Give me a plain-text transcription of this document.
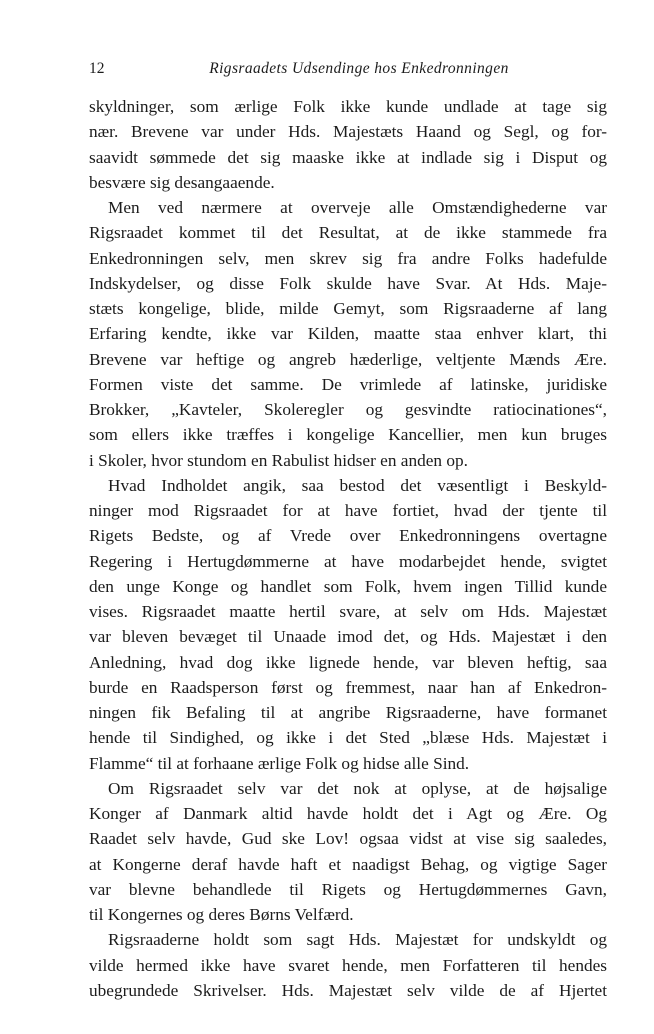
12	Rigsraadets Udsendinge hos Enkedronningen
skyldninger, som ærlige Folk ikke kunde undlade at tage sig
nær. Brevene var under Hds. Majestæts Haand og Segl, og for-
saavidt sømmede det sig maaske ikke at indlade sig i Disput og
besvære sig desangaaende.
Men ved nærmere at overveje alle Omstændighederne var
Rigsraadet kommet til det Resultat, at de ikke stammede fra
Enkedronningen selv, men skrev sig fra andre Folks hadefulde
Indskydelser, og disse Folk skulde have Svar. At Hds. Maje-
stæts kongelige, blide, milde Gemyt, som Rigsraaderne af lang
Erfaring kendte, ikke var Kilden, maatte staa enhver klart, thi
Brevene var heftige og angreb hæderlige, veltjente Mænds Ære.
Formen viste det samme. De vrimlede af latinske, juridiske
Brokker, „Kavteler, Skoleregler og gesvindte ratiocinationes“,
som ellers ikke træffes i kongelige Kancellier, men kun bruges
i Skoler, hvor stundom en Rabulist hidser en anden op.
Hvad Indholdet angik, saa bestod det væsentligt i Beskyld-
ninger mod Rigsraadet for at have fortiet, hvad der tjente til
Rigets Bedste, og af Vrede over Enkedronningens overtagne
Regering i Hertugdømmerne at have modarbejdet hende, svigtet
den unge Konge og handlet som Folk, hvem ingen Tillid kunde
vises. Rigsraadet maatte hertil svare, at selv om Hds. Majestæt
var bleven bevæget til Unaade imod det, og Hds. Majestæt i den
Anledning, hvad dog ikke lignede hende, var bleven heftig, saa
burde en Raadsperson først og fremmest, naar han af Enkedron-
ningen fik Befaling til at angribe Rigsraaderne, have formanet
hende til Sindighed, og ikke i det Sted „blæse Hds. Majestæt i
Flamme“ til at forhaane ærlige Folk og hidse alle Sind.
Om Rigsraadet selv var det nok at oplyse, at de højsalige
Konger af Danmark altid havde holdt det i Agt og Ære. Og
Raadet selv havde, Gud ske Lov! ogsaa vidst at vise sig saaledes,
at Kongerne deraf havde haft et naadigst Behag, og vigtige Sager
var blevne behandlede til Rigets og Hertugdømmernes Gavn,
til Kongernes og deres Børns Velfærd.
Rigsraaderne holdt som sagt Hds. Majestæt for undskyldt og
vilde hermed ikke have svaret hende, men Forfatteren til hendes
ubegrundede Skrivelser. Hds. Majestæt selv vilde de af Hjertet
